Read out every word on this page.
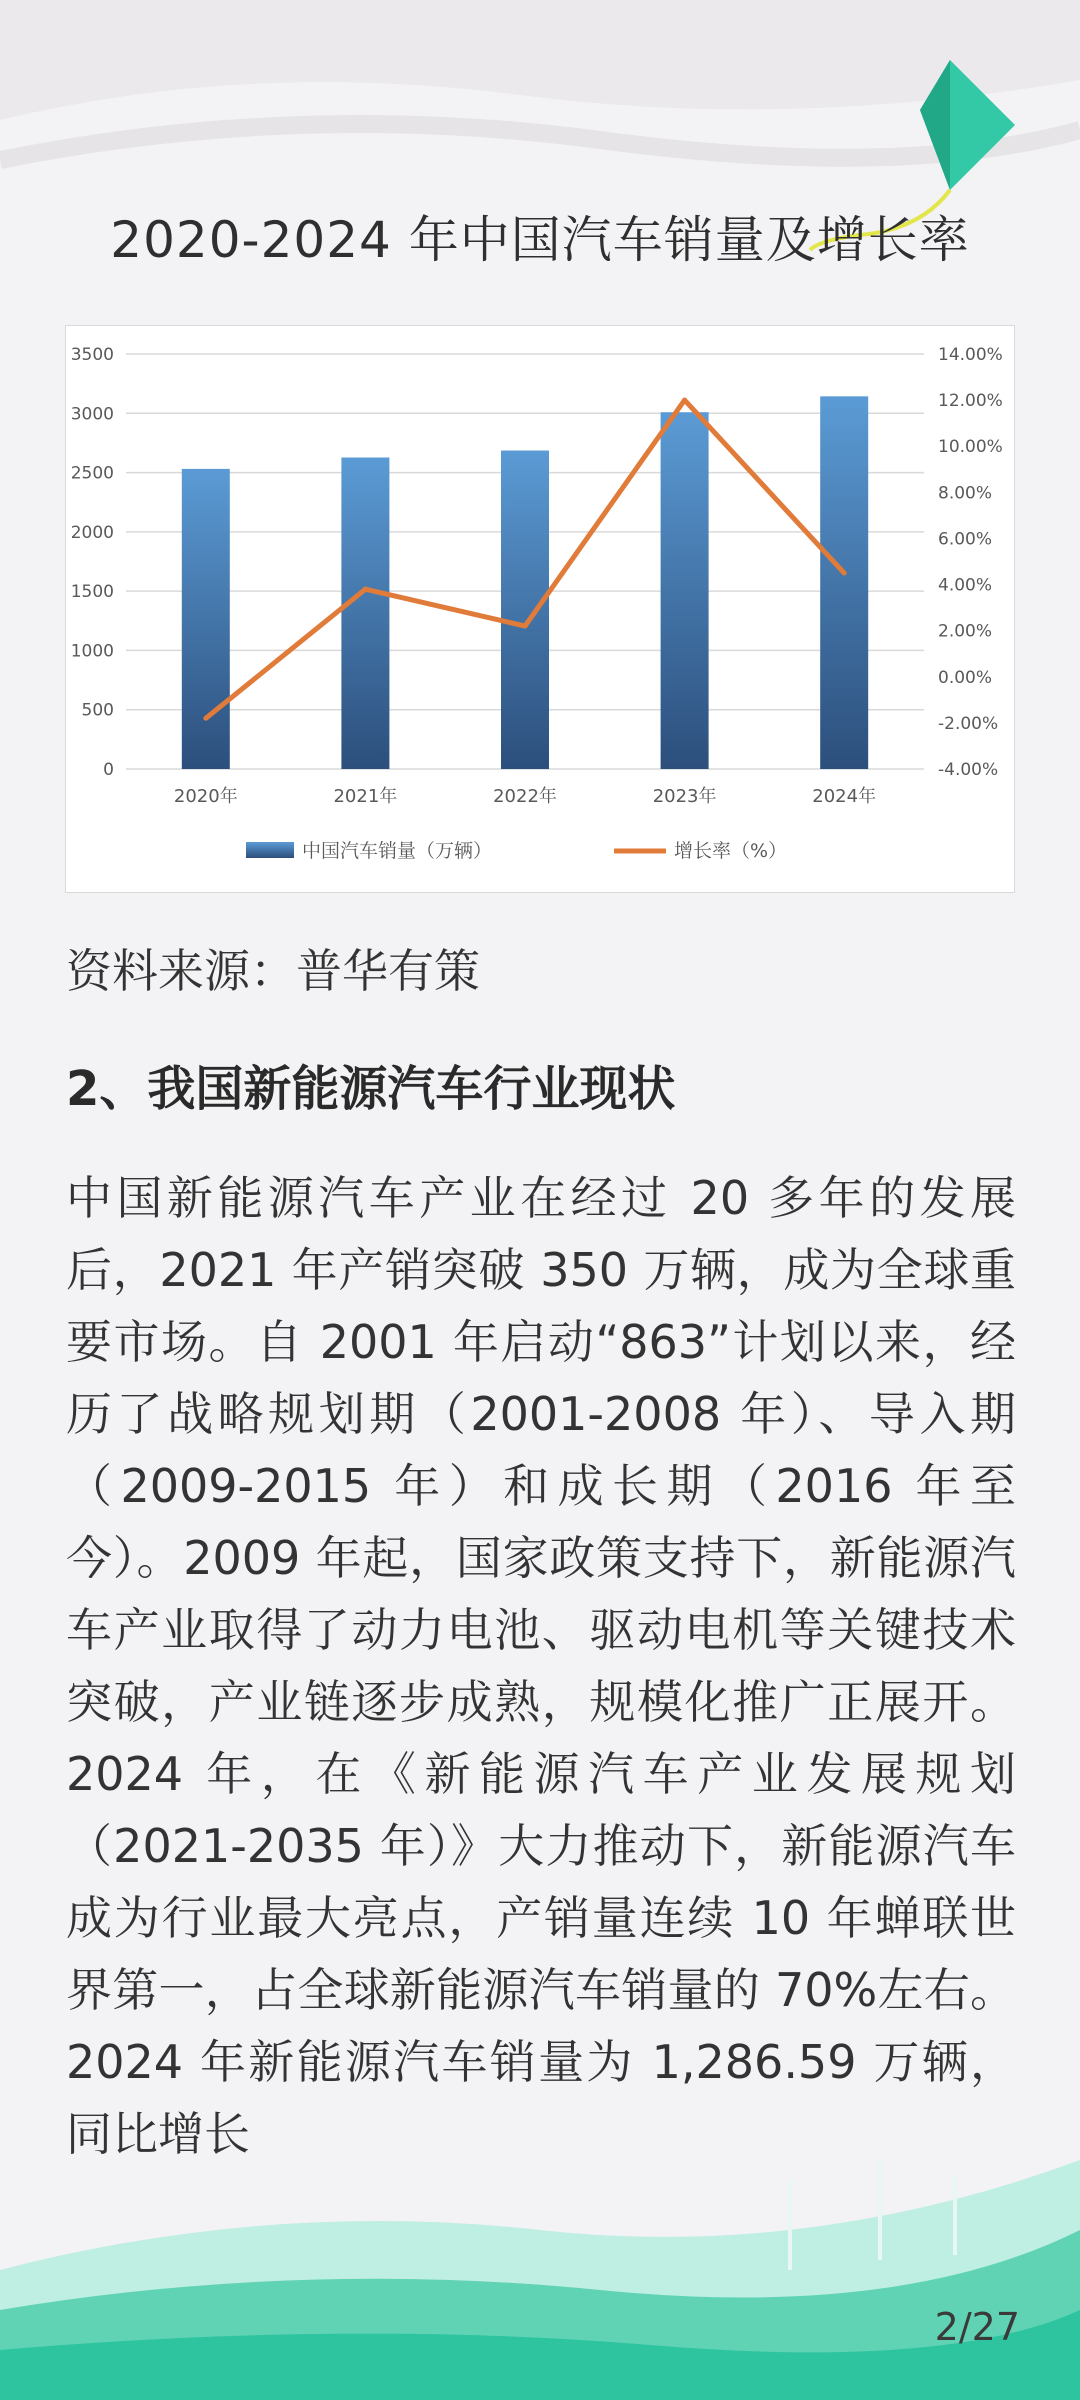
2020-2024 年中国汽车销量及增长率
0
500
1000
1500
2000
2500
3000
3500
-4.00%
-2.00%
0.00%
2.00%
4.00%
6.00%
8.00%
10.00%
12.00%
14.00%
2020年	2021年	2022年	2023年	2024年
中国汽车销量（万辆）	增长率（%）
资料来源：普华有策
2、我国新能源汽车行业现状
中国新能源汽车产业在经过 20 多年的发展后，2021 年产销突破 350 万辆，成为全球重要市场。自 2001 年启动“863”计划以来，经历了战略规划期（2001-2008 年）、导入期（2009-2015 年）和成长期（2016 年至今）。2009 年起，国家政策支持下，新能源汽车产业取得了动力电池、驱动电机等关键技术突破，产业链逐步成熟，规模化推广正展开。2024 年，在《新能源汽车产业发展规划（2021-2035 年）》大力推动下，新能源汽车成为行业最大亮点，产销量连续 10 年蝉联世界第一，占全球新能源汽车销量的 70%左右。2024 年新能源汽车销量为 1,286.59 万辆，同比增长
2/27
